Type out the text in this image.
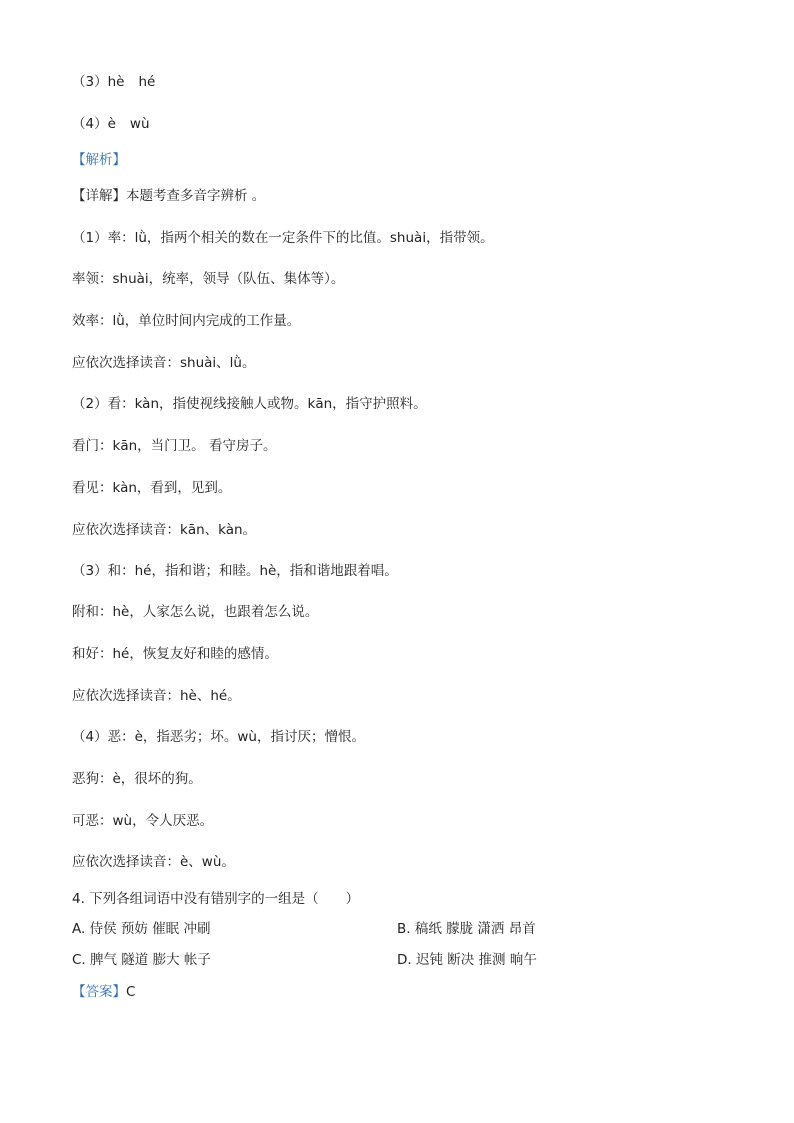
（3）hè hé
（4）è wù
【解析】
【详解】本题考查多音字辨析 。
（1）率：lǜ，指两个相关的数在一定条件下的比值。shuài，指带领。
率领：shuài，统率，领导（队伍、集体等）。
效率：lǜ，单位时间内完成的工作量。
应依次选择读音：shuài、lǜ。
（2）看：kàn，指使视线接触人或物。kān，指守护照料。
看门：kān，当门卫。 看守房子。
看见：kàn，看到，见到。
应依次选择读音：kān、kàn。
（3）和：hé，指和谐；和睦。hè，指和谐地跟着唱。
附和：hè，人家怎么说，也跟着怎么说。
和好：hé，恢复友好和睦的感情。
应依次选择读音：hè、hé。
（4）恶：è，指恶劣；坏。wù，指讨厌；憎恨。
恶狗：è，很坏的狗。
可恶：wù，令人厌恶。
应依次选择读音：è、wù。
4. 下列各组词语中没有错别字的一组是（　　）
A. 侍侯 预妨 催眠 冲刷	B. 稿纸 朦胧 潇洒 昂首
C. 脾气 隧道 膨大 帐子	D. 迟钝 断决 推测 晌午
【答案】C
